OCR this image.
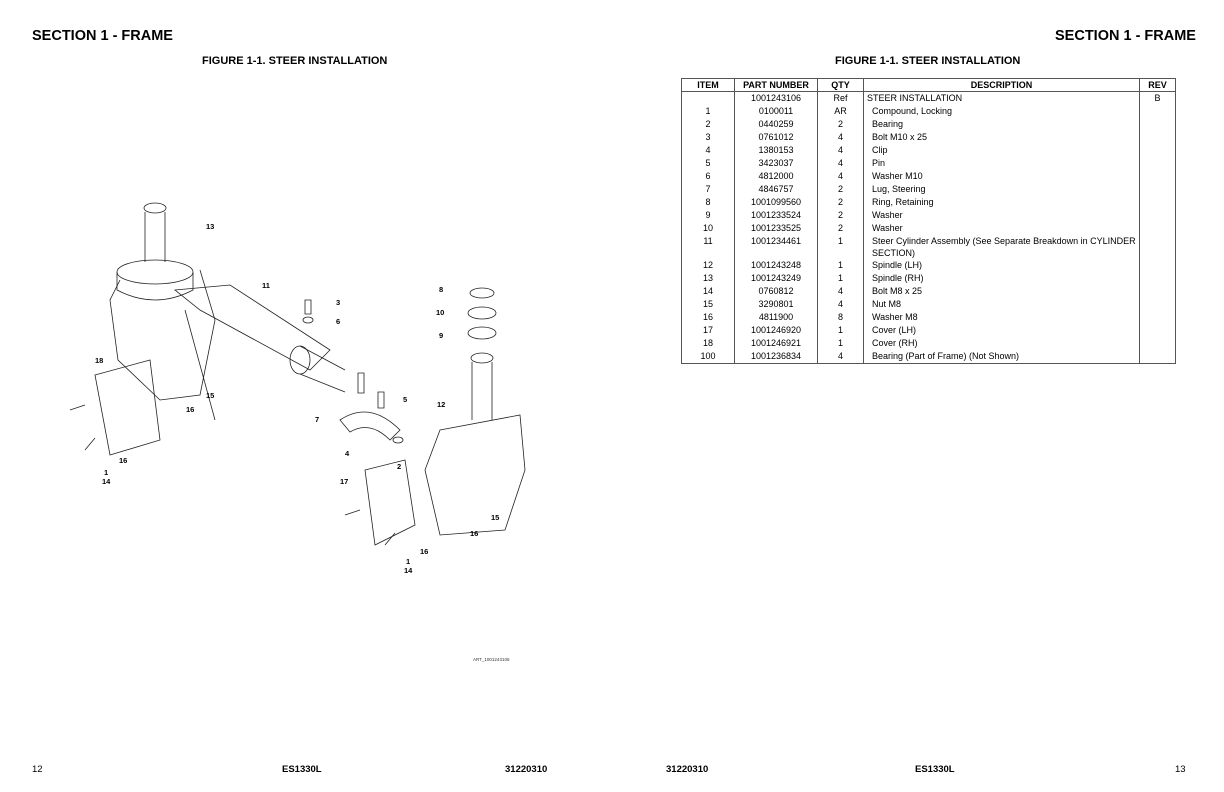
SECTION 1 - FRAME
FIGURE 1-1. STEER INSTALLATION
SECTION 1 - FRAME
FIGURE 1-1. STEER INSTALLATION
13
11
3
6
8
10
9
18
15
16
5
12
7
4
2
16
1
14	17
15
16
16
1
14
ART_1001243106
ITEM	PART NUMBER	QTY	DESCRIPTION	REV
	1001243106	Ref	STEER INSTALLATION	B
1	0100011	AR	Compound, Locking	
2	0440259	2	Bearing	
3	0761012	4	Bolt M10 x 25	
4	1380153	4	Clip	
5	3423037	4	Pin	
6	4812000	4	Washer M10	
7	4846757	2	Lug, Steering	
8	1001099560	2	Ring, Retaining	
9	1001233524	2	Washer	
10	1001233525	2	Washer	
11	1001234461	1	Steer Cylinder Assembly (See Separate Breakdown in CYLINDER SECTION)	
12	1001243248	1	Spindle (LH)	
13	1001243249	1	Spindle (RH)	
14	0760812	4	Bolt M8 x 25	
15	3290801	4	Nut M8	
16	4811900	8	Washer M8	
17	1001246920	1	Cover (LH)	
18	1001246921	1	Cover (RH)	
100	1001236834	4	Bearing (Part of Frame) (Not Shown)	
12	ES1330L	31220310	31220310	ES1330L	13
